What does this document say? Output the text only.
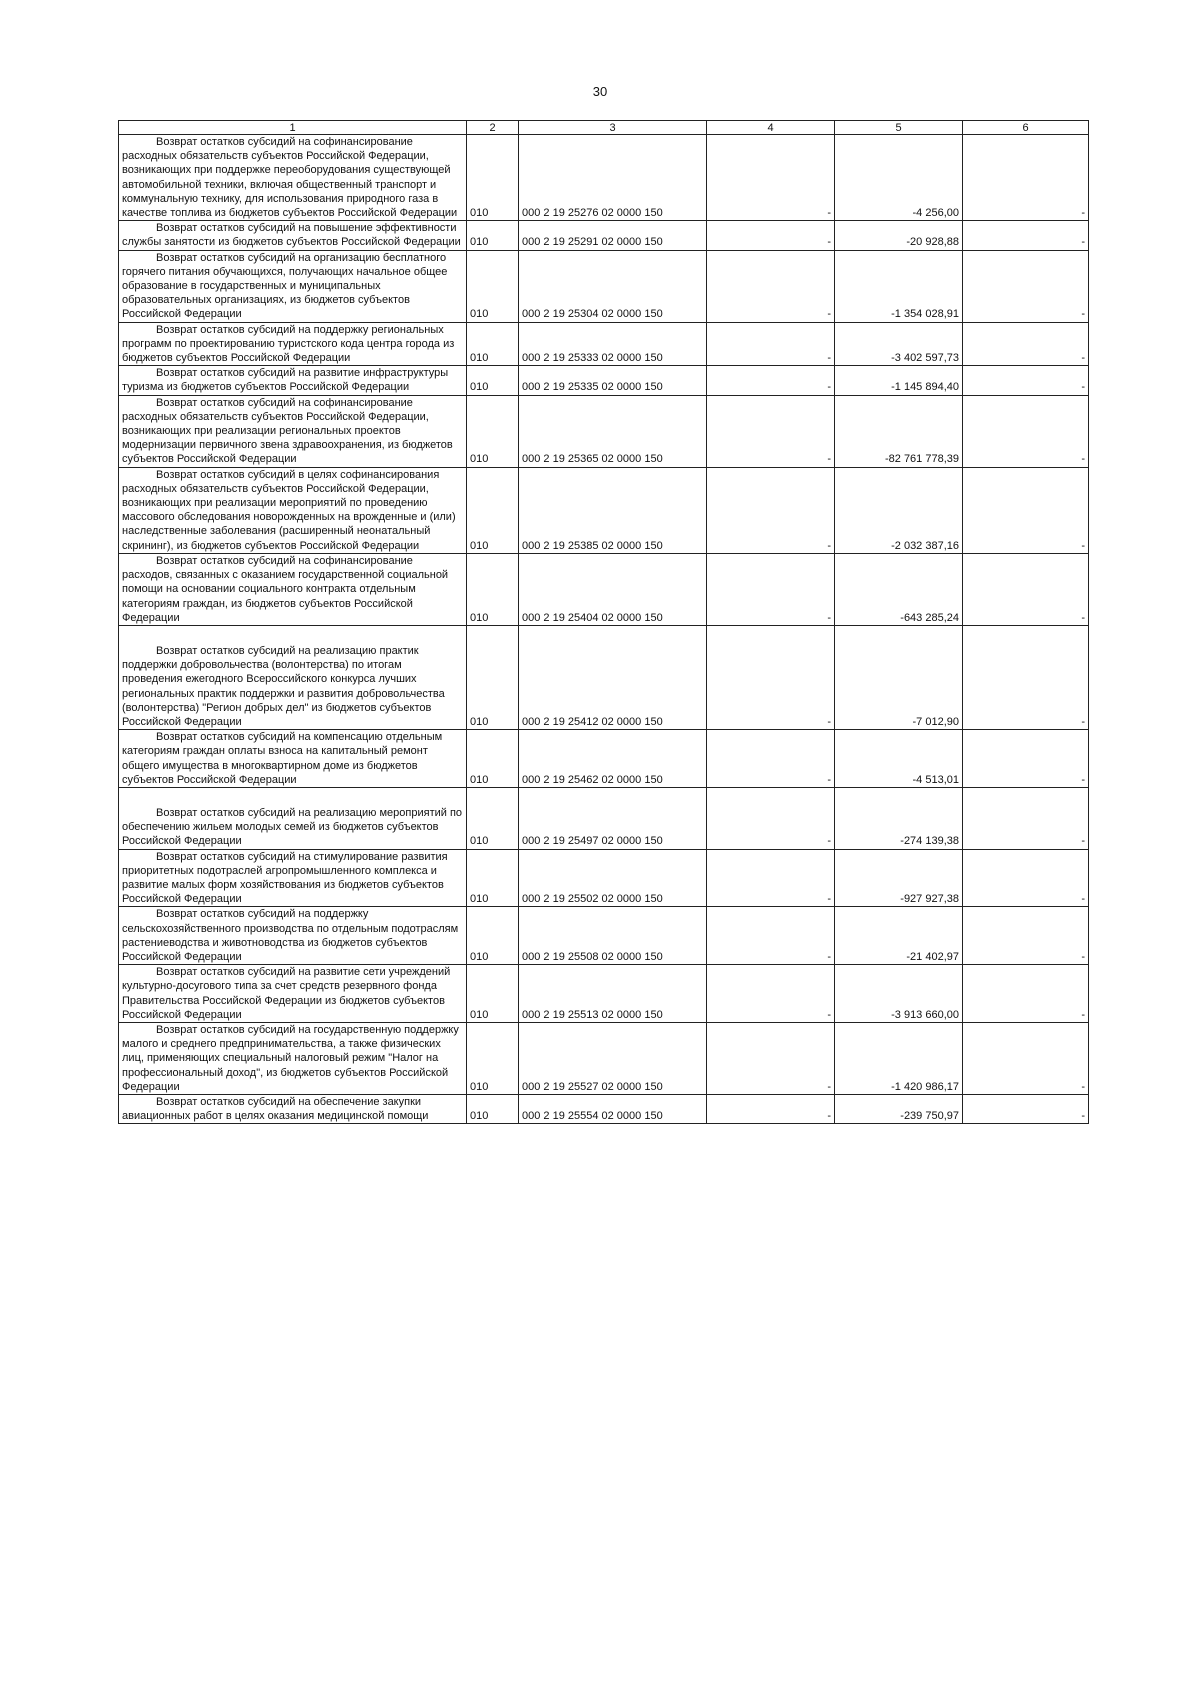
30
1	2	3	4	5	6

Возврат остатков субсидий на софинансирование расходных обязательств субъектов Российской Федерации, возникающих при поддержке переоборудования существующей автомобильной техники, включая общественный транспорт и коммунальную технику, для использования природного газа в качестве топлива из бюджетов субъектов Российской Федерации	010	000 2 19 25276 02 0000 150	-	-4 256,00	-

Возврат остатков субсидий на повышение эффективности службы занятости из бюджетов субъектов Российской Федерации	010	000 2 19 25291 02 0000 150	-	-20 928,88	-

Возврат остатков субсидий на организацию бесплатного горячего питания обучающихся, получающих начальное общее образование в государственных и муниципальных образовательных организациях, из бюджетов субъектов Российской Федерации	010	000 2 19 25304 02 0000 150	-	-1 354 028,91	-

Возврат остатков субсидий на поддержку региональных программ по проектированию туристского кода центра города из бюджетов субъектов Российской Федерации	010	000 2 19 25333 02 0000 150	-	-3 402 597,73	-

Возврат остатков субсидий на развитие инфраструктуры туризма из бюджетов субъектов Российской Федерации	010	000 2 19 25335 02 0000 150	-	-1 145 894,40	-

Возврат остатков субсидий на софинансирование расходных обязательств субъектов Российской Федерации, возникающих при реализации региональных проектов модернизации первичного звена здравоохранения, из бюджетов субъектов Российской Федерации	010	000 2 19 25365 02 0000 150	-	-82 761 778,39	-

Возврат остатков субсидий в целях софинансирования расходных обязательств субъектов Российской Федерации, возникающих при реализации мероприятий по проведению массового обследования новорожденных на врожденные и (или) наследственные заболевания (расширенный неонатальный скрининг), из бюджетов субъектов Российской Федерации	010	000 2 19 25385 02 0000 150	-	-2 032 387,16	-

Возврат остатков субсидий на софинансирование расходов, связанных с оказанием государственной социальной помощи на основании социального контракта отдельным категориям граждан, из бюджетов субъектов Российской Федерации	010	000 2 19 25404 02 0000 150	-	-643 285,24	-

Возврат остатков субсидий на реализацию практик поддержки добровольчества (волонтерства) по итогам проведения ежегодного Всероссийского конкурса лучших региональных практик поддержки и развития добровольчества (волонтерства) "Регион добрых дел" из бюджетов субъектов Российской Федерации	010	000 2 19 25412 02 0000 150	-	-7 012,90	-

Возврат остатков субсидий на компенсацию отдельным категориям граждан оплаты взноса на капитальный ремонт общего имущества в многоквартирном доме из бюджетов субъектов Российской Федерации	010	000 2 19 25462 02 0000 150	-	-4 513,01	-

Возврат остатков субсидий на реализацию мероприятий по обеспечению жильем молодых семей из бюджетов субъектов Российской Федерации	010	000 2 19 25497 02 0000 150	-	-274 139,38	-

Возврат остатков субсидий на стимулирование развития приоритетных подотраслей агропромышленного комплекса и развитие малых форм хозяйствования из бюджетов субъектов Российской Федерации	010	000 2 19 25502 02 0000 150	-	-927 927,38	-

Возврат остатков субсидий на поддержку сельскохозяйственного производства по отдельным подотраслям растениеводства и животноводства из бюджетов субъектов Российской Федерации	010	000 2 19 25508 02 0000 150	-	-21 402,97	-

Возврат остатков субсидий на развитие сети учреждений культурно-досугового типа за счет средств резервного фонда Правительства Российской Федерации из бюджетов субъектов Российской Федерации	010	000 2 19 25513 02 0000 150	-	-3 913 660,00	-

Возврат остатков субсидий на государственную поддержку малого и среднего предпринимательства, а также физических лиц, применяющих специальный налоговый режим "Налог на профессиональный доход", из бюджетов субъектов Российской Федерации	010	000 2 19 25527 02 0000 150	-	-1 420 986,17	-

Возврат остатков субсидий на обеспечение закупки авиационных работ в целях оказания медицинской помощи	010	000 2 19 25554 02 0000 150	-	-239 750,97	-
